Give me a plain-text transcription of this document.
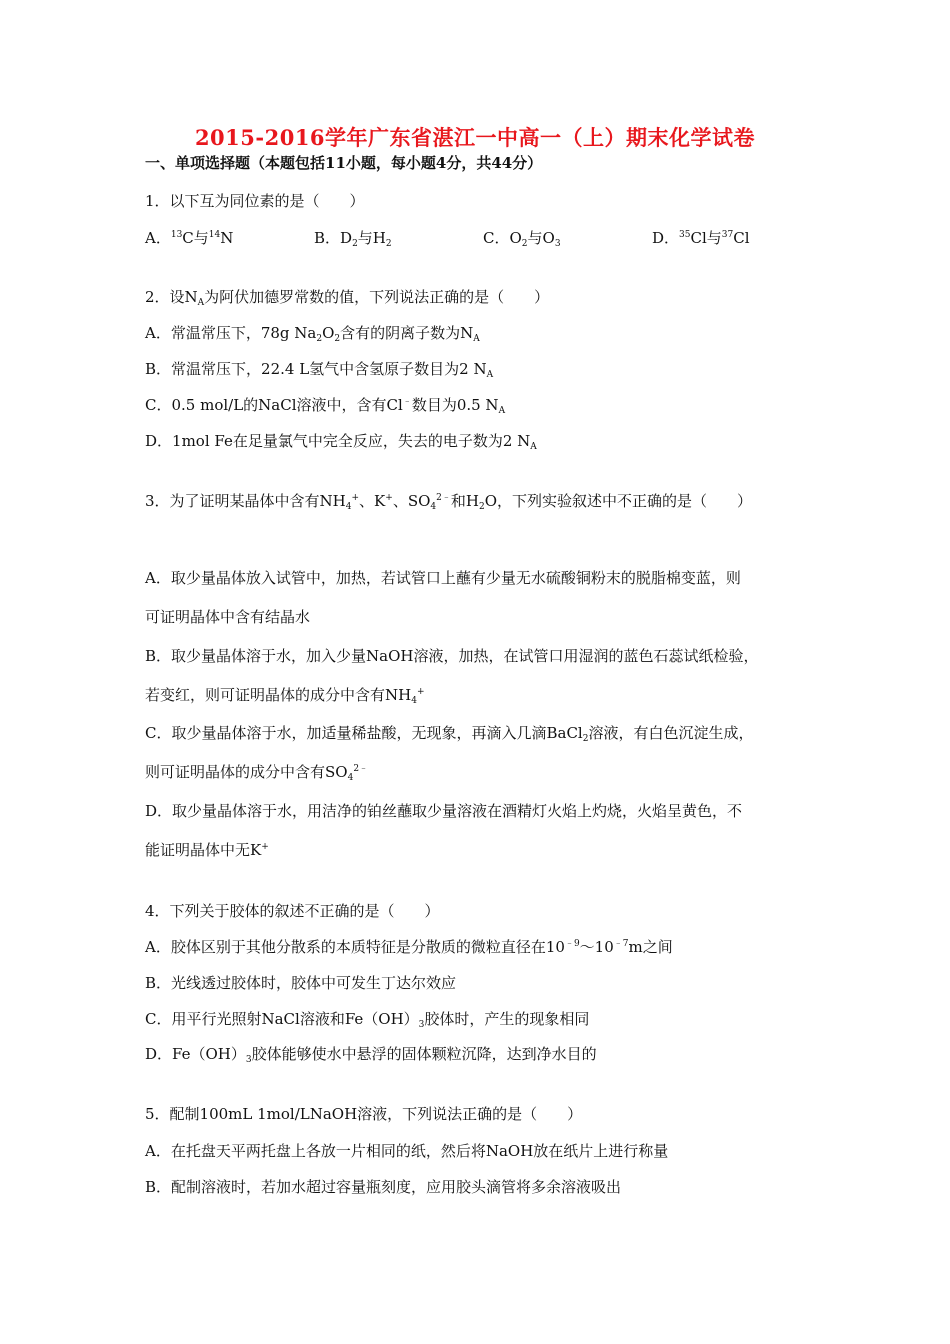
2015-2016学年广东省湛江一中高一（上）期末化学试卷
一、单项选择题（本题包括11小题，每小题4分，共44分）
1．以下互为同位素的是（　　）
A．$^{13}$C与$^{14}$N	B．$D_2$与$H_2$	C．$O_2$与$O_3$	D．$^{35}$Cl与$^{37}$Cl
2．设$N_A$为阿伏加德罗常数的值，下列说法正确的是（　　）
A．常温常压下，78g $Na_2O_2$含有的阴离子数为$N_A$
B．常温常压下，22.4 L氢气中含氢原子数目为2 $N_A$
C．0.5 mol/L的NaCl溶液中，含有Cl﹣数目为0.5 $N_A$
D．1mol Fe在足量氯气中完全反应，失去的电子数为2 $N_A$
3．为了证明某晶体中含有$NH_4^+$、K+、$SO_4^{2﹣}$和$H_2O$，下列实验叙述中不正确的是（　　）
A．取少量晶体放入试管中，加热，若试管口上蘸有少量无水硫酸铜粉末的脱脂棉变蓝，则
可证明晶体中含有结晶水
B．取少量晶体溶于水，加入少量NaOH溶液，加热，在试管口用湿润的蓝色石蕊试纸检验，
若变红，则可证明晶体的成分中含有$NH_4^+$
C．取少量晶体溶于水，加适量稀盐酸，无现象，再滴入几滴BaCl$_2$溶液，有白色沉淀生成，
则可证明晶体的成分中含有$SO_4^{2﹣}$
D．取少量晶体溶于水，用洁净的铂丝蘸取少量溶液在酒精灯火焰上灼烧，火焰呈黄色，不
能证明晶体中无K+
4．下列关于胶体的叙述不正确的是（　　）
A．胶体区别于其他分散系的本质特征是分散质的微粒直径在$10^{﹣9}\sim 10^{﹣7}m$之间
B．光线透过胶体时，胶体中可发生丁达尔效应
C．用平行光照射NaCl溶液和$Fe(OH)_3$胶体时，产生的现象相同
D．$Fe(OH)_3$胶体能够使水中悬浮的固体颗粒沉降，达到净水目的
5．配制100mL 1mol/LNaOH溶液，下列说法正确的是（　　）
A．在托盘天平两托盘上各放一片相同的纸，然后将NaOH放在纸片上进行称量
B．配制溶液时，若加水超过容量瓶刻度，应用胶头滴管将多余溶液吸出
